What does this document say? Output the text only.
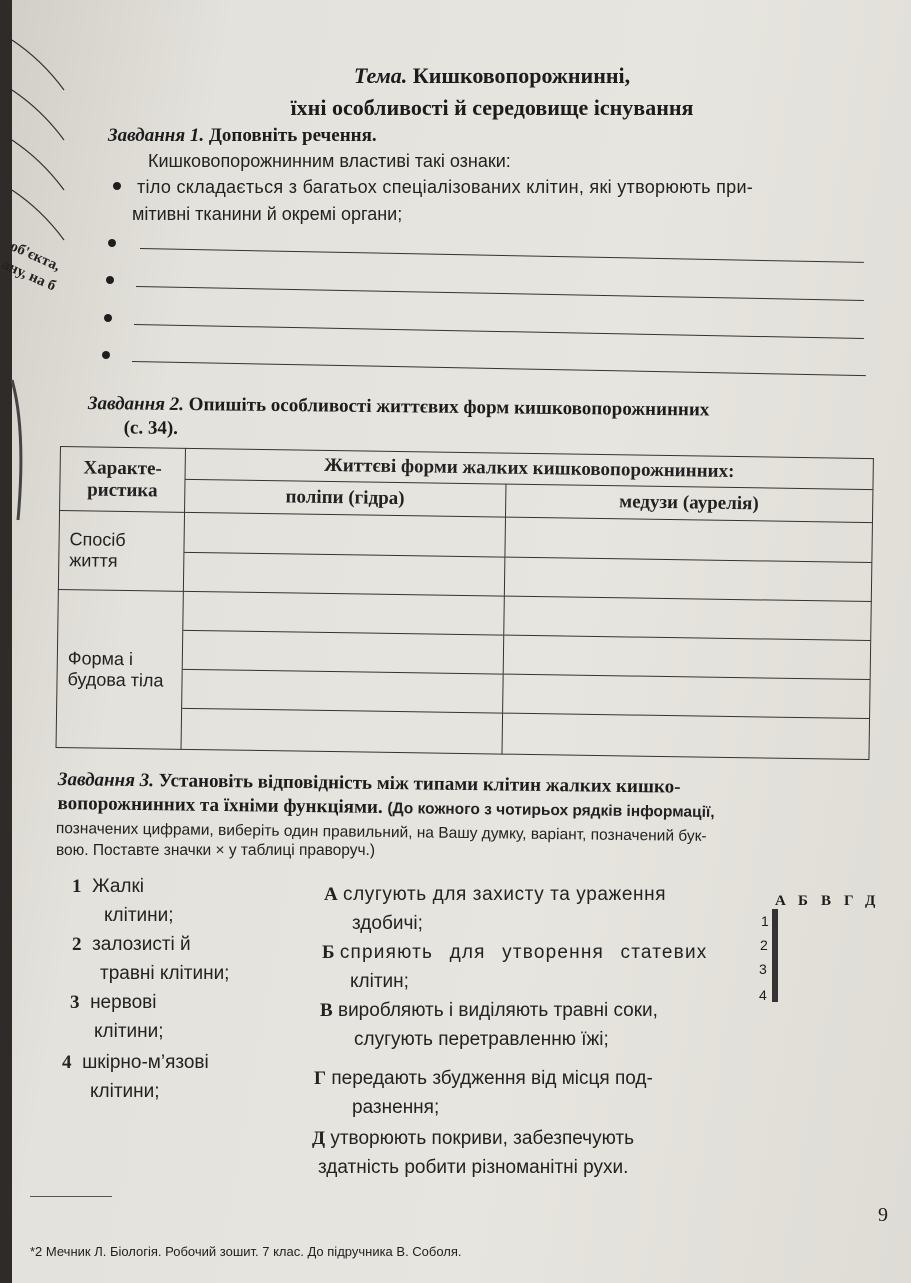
об'єкта, ану, на б
Тема. Кишковопорожнинні,
їхні особливості й середовище існування
Завдання 1. Доповніть речення.
Кишковопорожнинним властиві такі ознаки:
тіло складається з багатьох спеціалізованих клітин, які утворюють при-
мітивні тканини й окремі органи;
Завдання 2. Опишіть особливості життєвих форм кишковопорожнинних
(с. 34).
Характе- ристика	Життєві форми жалких кишковопорожнинних:	
	поліпи (гідра)	медузи (аурелія)
Спосіб життя	

Форма і будова тіла	

Завдання 3. Установіть відповідність між типами клітин жалких кишко-
вопорожнинних та їхніми функціями. (До кожного з чотирьох рядків інформації,
позначених цифрами, виберіть один правильний, на Вашу думку, варіант, позначений бук-
вою. Поставте значки × у таблиці праворуч.)
1 Жалкі
клітини;
2 залозисті й
травні клітини;
3 нервові
клітини;
4 шкірно-м’язові
клітини;
А слугують для захисту та ураження
здобичі;
Б сприяють для утворення статевих
клітин;
В виробляють і виділяють травні соки,
слугують перетравленню їжі;
Г передають збудження від місця под-
разнення;
Д утворюють покриви, забезпечують
здатність робити різноманітні рухи.
А Б В Г Д
1
2
3
4

9
*2 Мечник Л. Біологія. Робочий зошит. 7 клас. До підручника В. Соболя.
